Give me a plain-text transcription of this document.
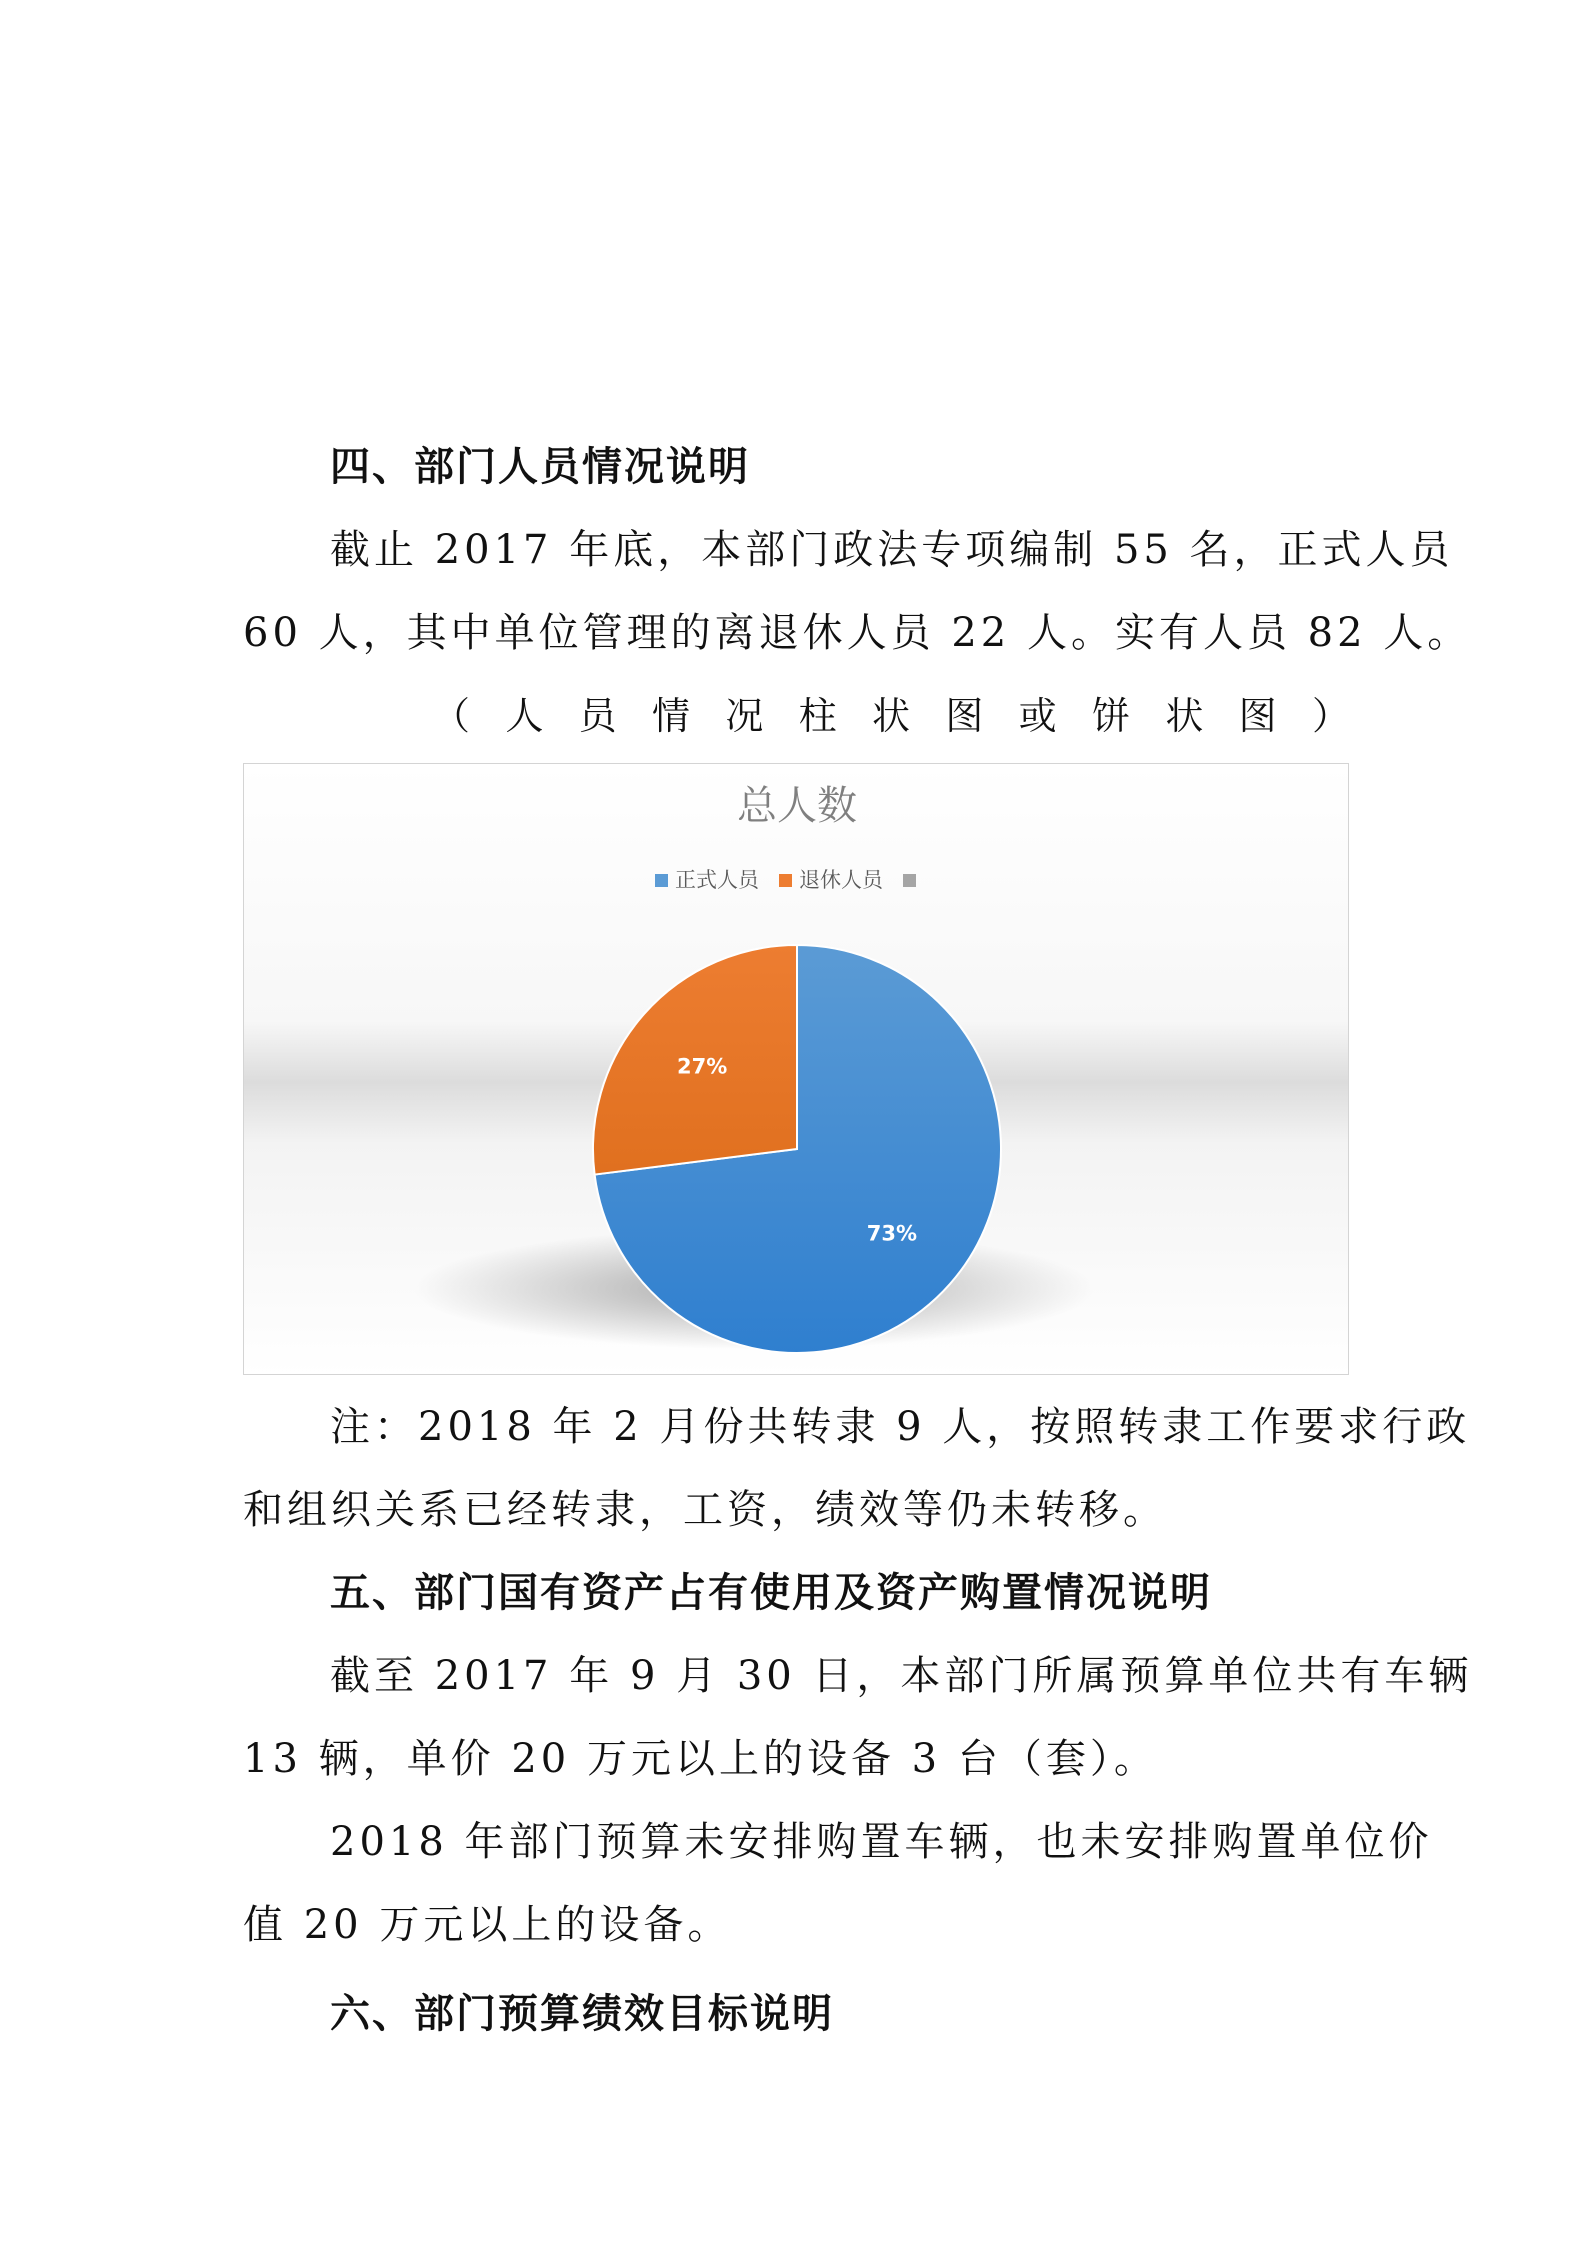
四、部门人员情况说明
截止 2017 年底，本部门政法专项编制 55 名，正式人员
60 人，其中单位管理的离退休人员 22 人。实有人员 82 人。
（ 人 员 情 况 柱 状 图 或 饼 状 图 ）
总人数
正式人员 退休人员
73%
27%
注：2018 年 2 月份共转隶 9 人，按照转隶工作要求行政
和组织关系已经转隶，工资，绩效等仍未转移。
五、部门国有资产占有使用及资产购置情况说明
截至 2017 年 9 月 30 日，本部门所属预算单位共有车辆
13 辆，单价 20 万元以上的设备 3 台（套）。
2018 年部门预算未安排购置车辆，也未安排购置单位价
值 20 万元以上的设备。
六、部门预算绩效目标说明
